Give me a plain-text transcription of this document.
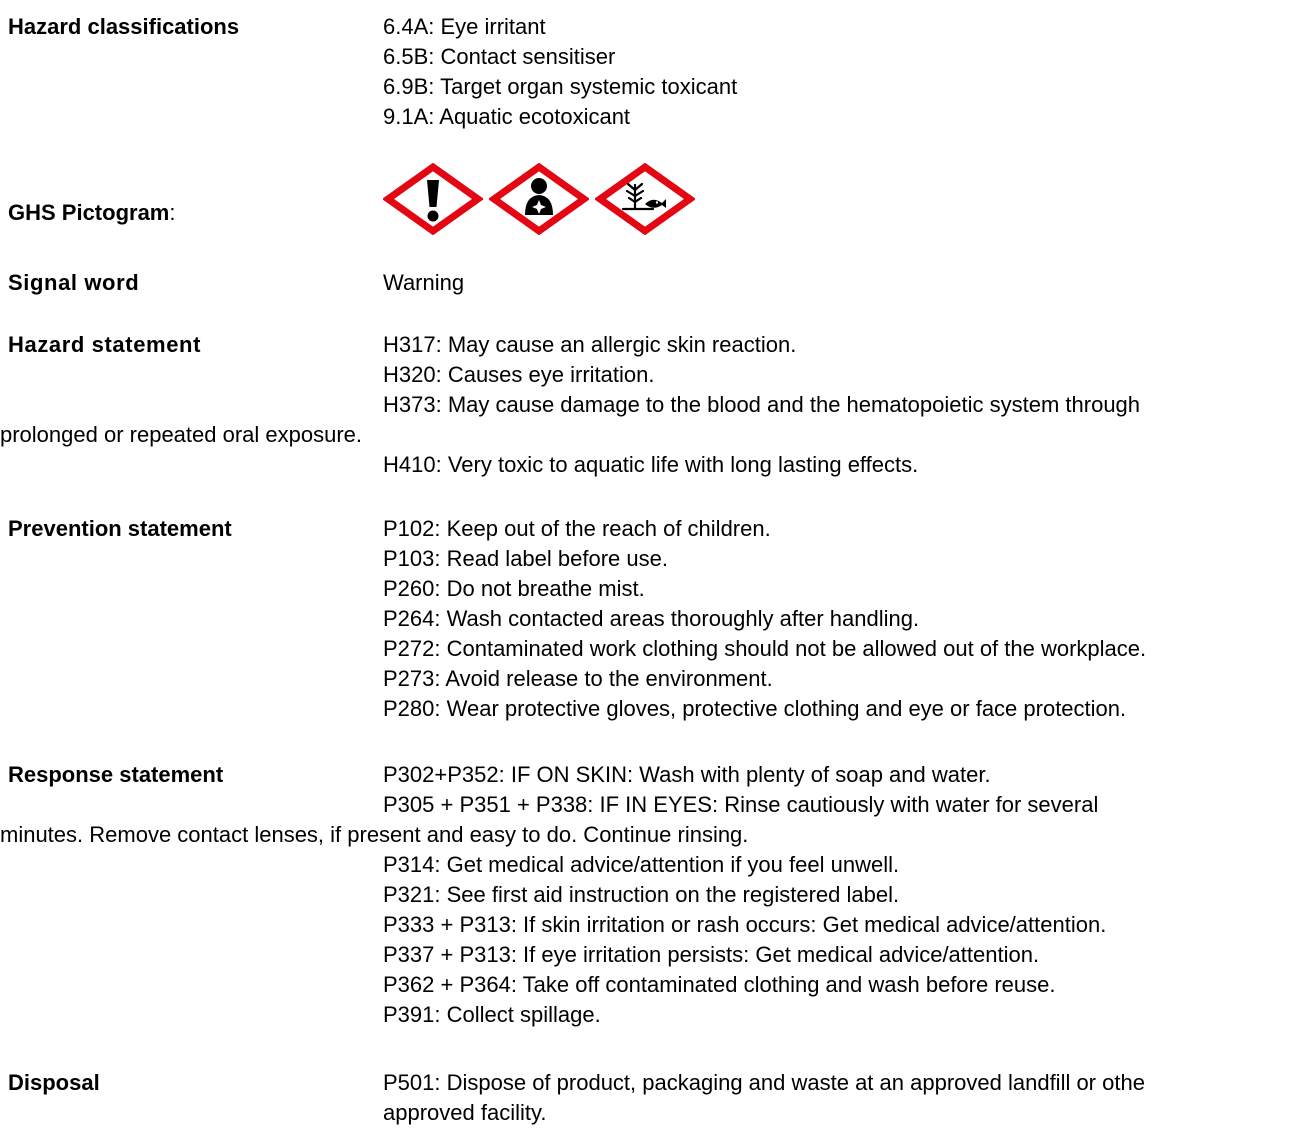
Hazard classifications	6.4A: Eye irritant
6.5B: Contact sensitiser
6.9B: Target organ systemic toxicant
9.1A: Aquatic ecotoxicant
GHS Pictogram:
Signal word	Warning
Hazard statement	H317: May cause an allergic skin reaction.
H320: Causes eye irritation.
H373: May cause damage to the blood and the hematopoietic system through
prolonged or repeated oral exposure.
H410: Very toxic to aquatic life with long lasting effects.
Prevention statement	P102: Keep out of the reach of children.
P103: Read label before use.
P260: Do not breathe mist.
P264: Wash contacted areas thoroughly after handling.
P272: Contaminated work clothing should not be allowed out of the workplace.
P273: Avoid release to the environment.
P280: Wear protective gloves, protective clothing and eye or face protection.
Response statement	P302+P352: IF ON SKIN: Wash with plenty of soap and water.
P305 + P351 + P338: IF IN EYES: Rinse cautiously with water for several
minutes. Remove contact lenses, if present and easy to do. Continue rinsing.
P314: Get medical advice/attention if you feel unwell.
P321: See first aid instruction on the registered label.
P333 + P313: If skin irritation or rash occurs: Get medical advice/attention.
P337 + P313: If eye irritation persists: Get medical advice/attention.
P362 + P364: Take off contaminated clothing and wash before reuse.
P391: Collect spillage.
Disposal	P501: Dispose of product, packaging and waste at an approved landfill or othe
approved facility.
